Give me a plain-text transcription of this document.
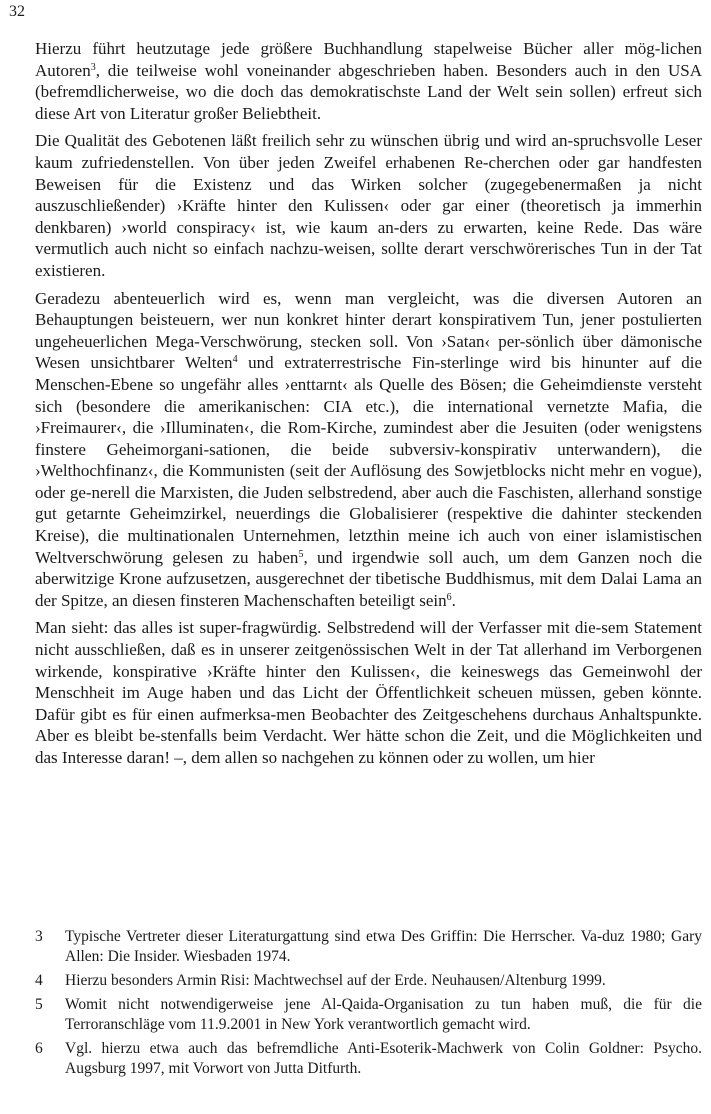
32

Hierzu führt heutzutage jede größere Buchhandlung stapelweise Bücher aller mög-lichen Autoren$^3$, die teilweise wohl voneinander abgeschrieben haben. Besonders auch in den USA (befremdlicherweise, wo die doch das demokratischste Land der Welt sein sollen) erfreut sich diese Art von Literatur großer Beliebtheit.

Die Qualität des Gebotenen läßt freilich sehr zu wünschen übrig und wird an-spruchsvolle Leser kaum zufriedenstellen. Von über jeden Zweifel erhabenen Re-cherchen oder gar handfesten Beweisen für die Existenz und das Wirken solcher (zugegebenermaßen ja nicht auszuschließender) ›Kräfte hinter den Kulissen‹ oder gar einer (theoretisch ja immerhin denkbaren) ›world conspiracy‹ ist, wie kaum an-ders zu erwarten, keine Rede. Das wäre vermutlich auch nicht so einfach nachzu-weisen, sollte derart verschwörerisches Tun in der Tat existieren.

Geradezu abenteuerlich wird es, wenn man vergleicht, was die diversen Autoren an Behauptungen beisteuern, wer nun konkret hinter derart konspirativem Tun, jener postulierten ungeheuerlichen Mega-Verschwörung, stecken soll. Von ›Satan‹ per-sönlich über dämonische Wesen unsichtbarer Welten$^4$ und extraterrestrische Fin-sterlinge wird bis hinunter auf die Menschen-Ebene so ungefähr alles ›enttarnt‹ als Quelle des Bösen; die Geheimdienste versteht sich (besondere die amerikanischen: CIA etc.), die international vernetzte Mafia, die ›Freimaurer‹, die ›Illuminaten‹, die Rom-Kirche, zumindest aber die Jesuiten (oder wenigstens finstere Geheimorgani-sationen, die beide subversiv-konspirativ unterwandern), die ›Welthochfinanz‹, die Kommunisten (seit der Auflösung des Sowjetblocks nicht mehr en vogue), oder ge-nerell die Marxisten, die Juden selbstredend, aber auch die Faschisten, allerhand sonstige gut getarnte Geheimzirkel, neuerdings die Globalisierer (respektive die dahinter steckenden Kreise), die multinationalen Unternehmen, letzthin meine ich auch von einer islamistischen Weltverschwörung gelesen zu haben$^5$, und irgendwie soll auch, um dem Ganzen noch die aberwitzige Krone aufzusetzen, ausgerechnet der tibetische Buddhismus, mit dem Dalai Lama an der Spitze, an diesen finsteren Machenschaften beteiligt sein$^6$.

Man sieht: das alles ist super-fragwürdig. Selbstredend will der Verfasser mit die-sem Statement nicht ausschließen, daß es in unserer zeitgenössischen Welt in der Tat allerhand im Verborgenen wirkende, konspirative ›Kräfte hinter den Kulissen‹, die keineswegs das Gemeinwohl der Menschheit im Auge haben und das Licht der Öffentlichkeit scheuen müssen, geben könnte. Dafür gibt es für einen aufmerksa-men Beobachter des Zeitgeschehens durchaus Anhaltspunkte. Aber es bleibt be-stenfalls beim Verdacht. Wer hätte schon die Zeit, und die Möglichkeiten und das Interesse daran! –, dem allen so nachgehen zu können oder zu wollen, um hier

3	Typische Vertreter dieser Literaturgattung sind etwa Des Griffin: Die Herrscher. Va-duz 1980; Gary Allen: Die Insider. Wiesbaden 1974.
4	Hierzu besonders Armin Risi: Machtwechsel auf der Erde. Neuhausen/Altenburg 1999.
5	Womit nicht notwendigerweise jene Al-Qaida-Organisation zu tun haben muß, die für die Terroranschläge vom 11.9.2001 in New York verantwortlich gemacht wird.
6	Vgl. hierzu etwa auch das befremdliche Anti-Esoterik-Machwerk von Colin Goldner: Psycho. Augsburg 1997, mit Vorwort von Jutta Ditfurth.
